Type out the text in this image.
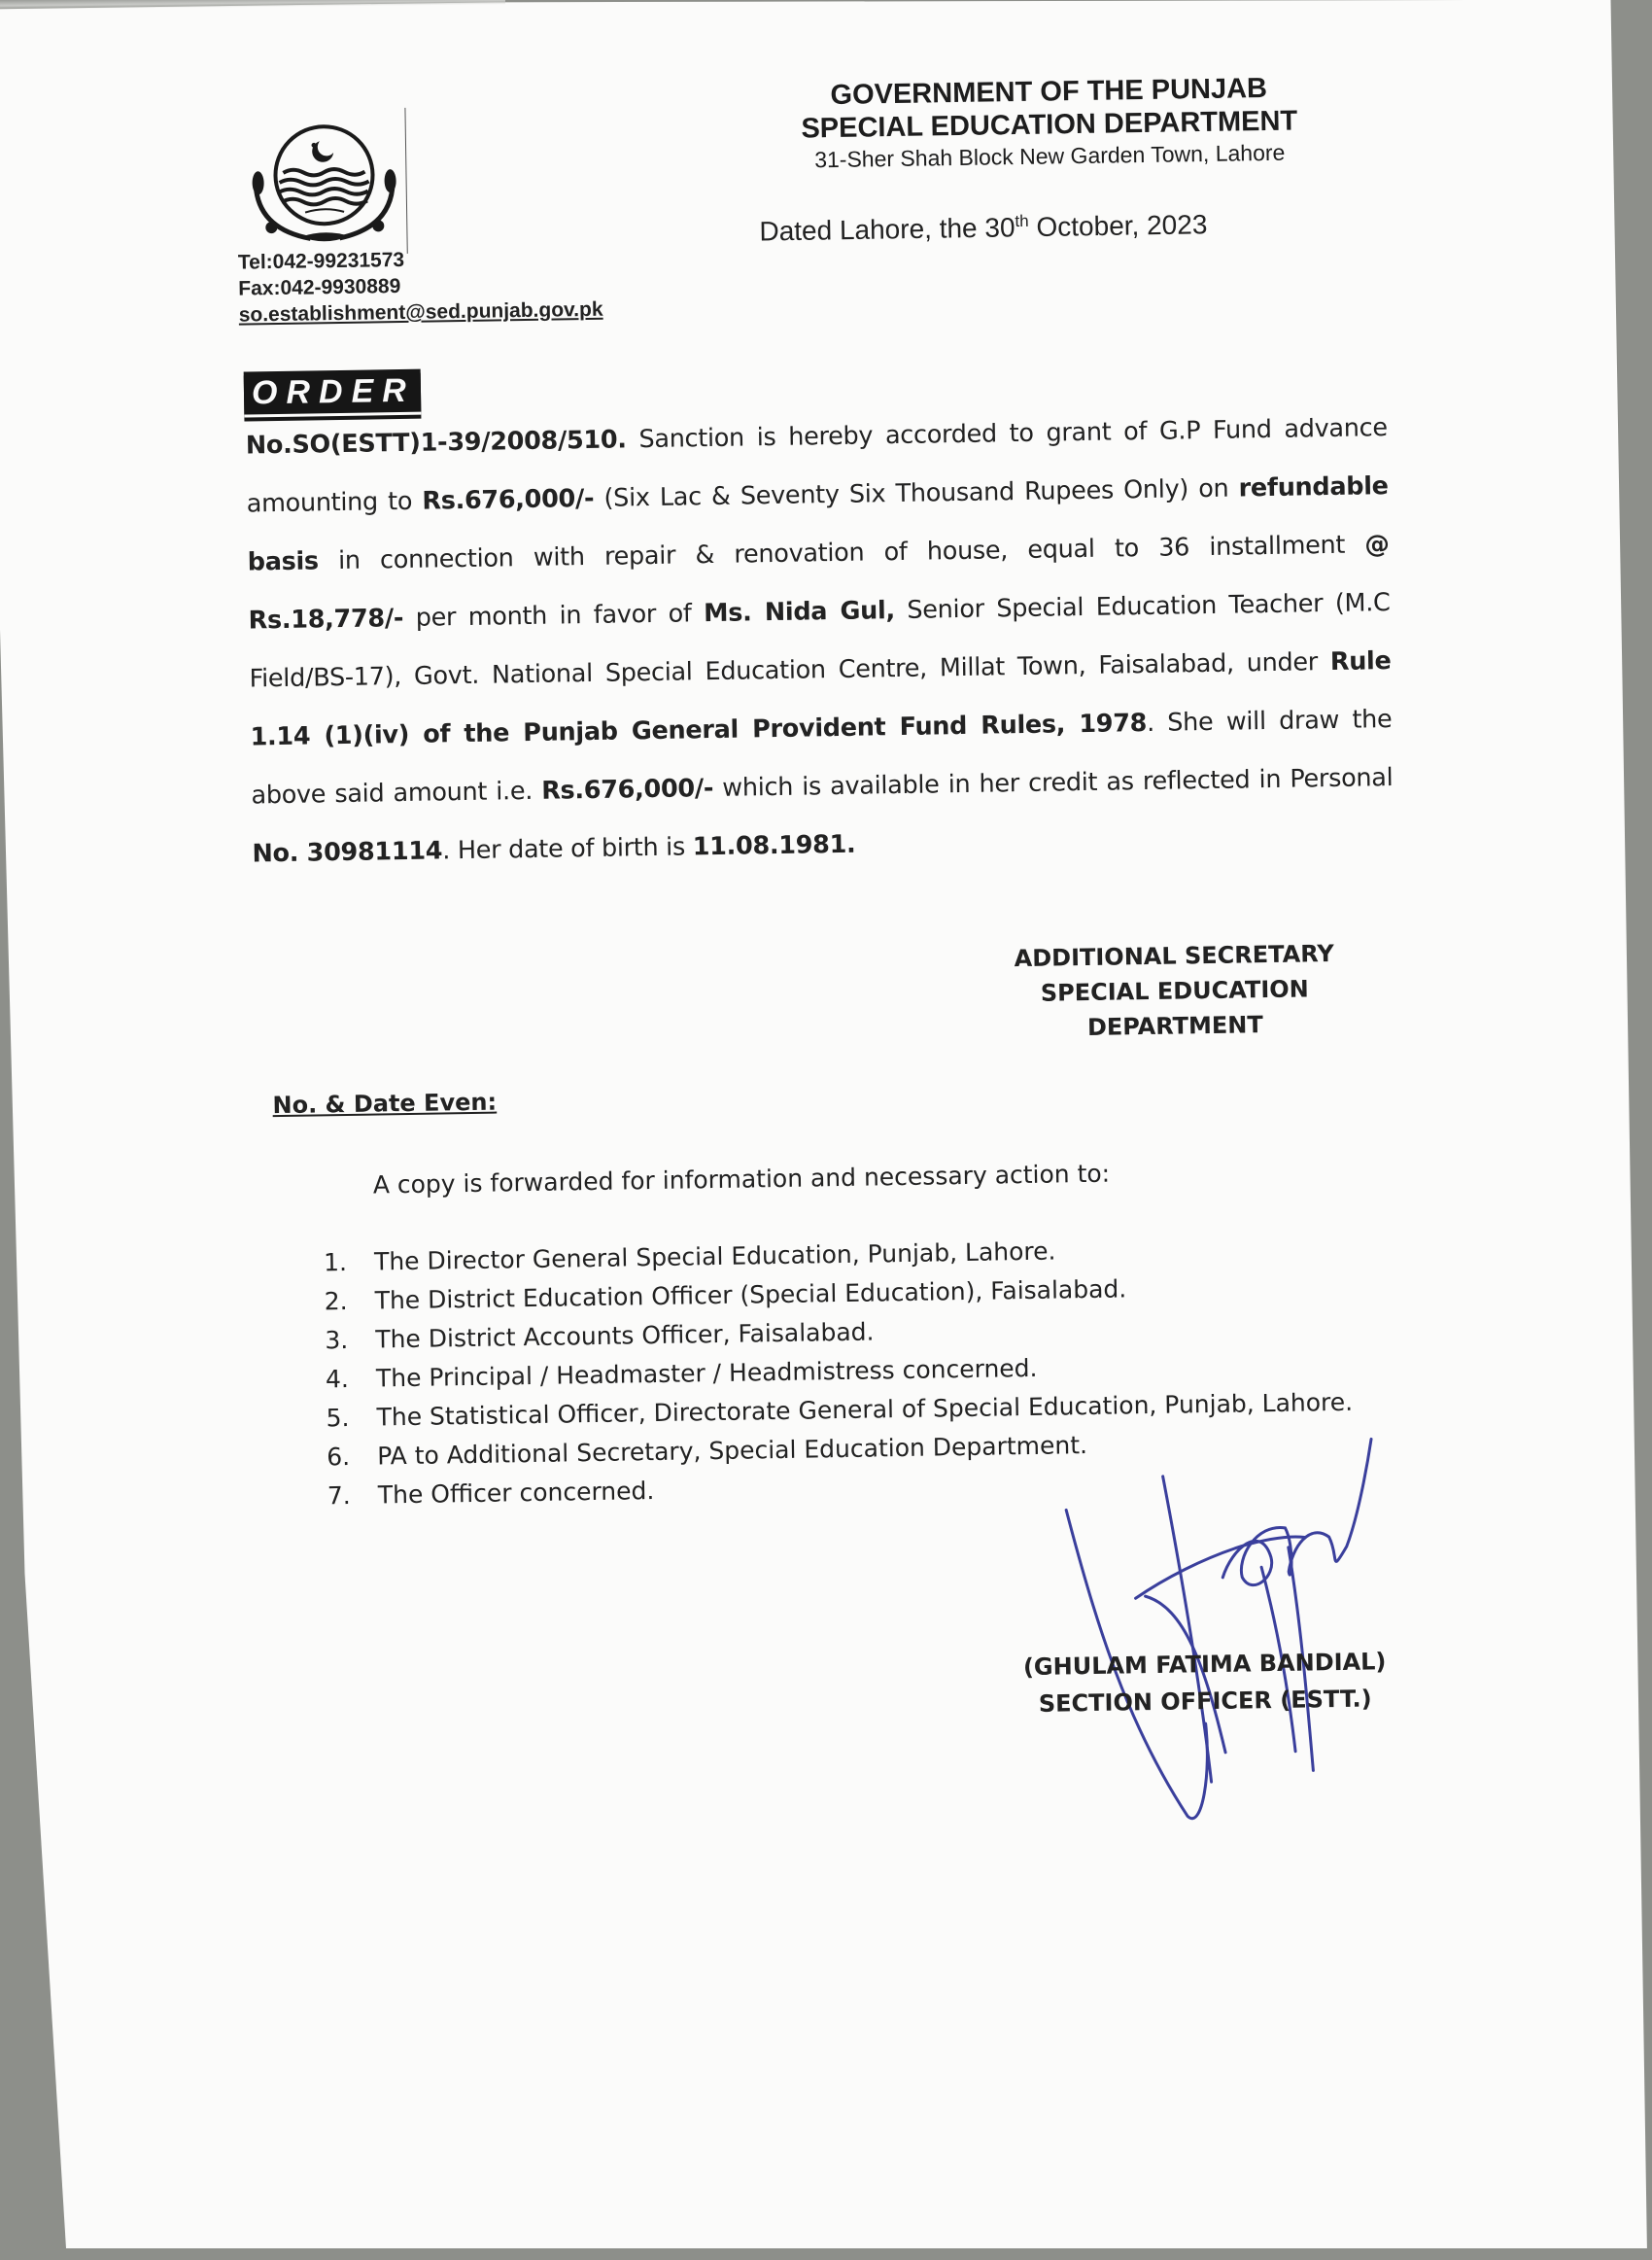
Tel:042-99231573
Fax:042-9930889
so.establishment@sed.punjab.gov.pk
GOVERNMENT OF THE PUNJAB
SPECIAL EDUCATION DEPARTMENT
31-Sher Shah Block New Garden Town, Lahore
Dated Lahore, the 30th October, 2023
ORDER
No.SO(ESTT)1-39/2008/510. Sanction is hereby accorded to grant of G.P Fund advance amounting to Rs.676,000/- (Six Lac & Seventy Six Thousand Rupees Only) on refundable basis in connection with repair & renovation of house, equal to 36 installment @ Rs.18,778/- per month in favor of Ms. Nida Gul, Senior Special Education Teacher (M.C Field/BS-17), Govt. National Special Education Centre, Millat Town, Faisalabad, under Rule 1.14 (1)(iv) of the Punjab General Provident Fund Rules, 1978. She will draw the above said amount i.e. Rs.676,000/- which is available in her credit as reflected in Personal No. 30981114. Her date of birth is 11.08.1981.
ADDITIONAL SECRETARY
SPECIAL EDUCATION
DEPARTMENT
No. & Date Even:
A copy is forwarded for information and necessary action to:
1.	The Director General Special Education, Punjab, Lahore.
2.	The District Education Officer (Special Education), Faisalabad.
3.	The District Accounts Officer, Faisalabad.
4.	The Principal / Headmaster / Headmistress concerned.
5.	The Statistical Officer, Directorate General of Special Education, Punjab, Lahore.
6.	PA to Additional Secretary, Special Education Department.
7.	The Officer concerned.
(GHULAM FATIMA BANDIAL)
SECTION OFFICER (ESTT.)
